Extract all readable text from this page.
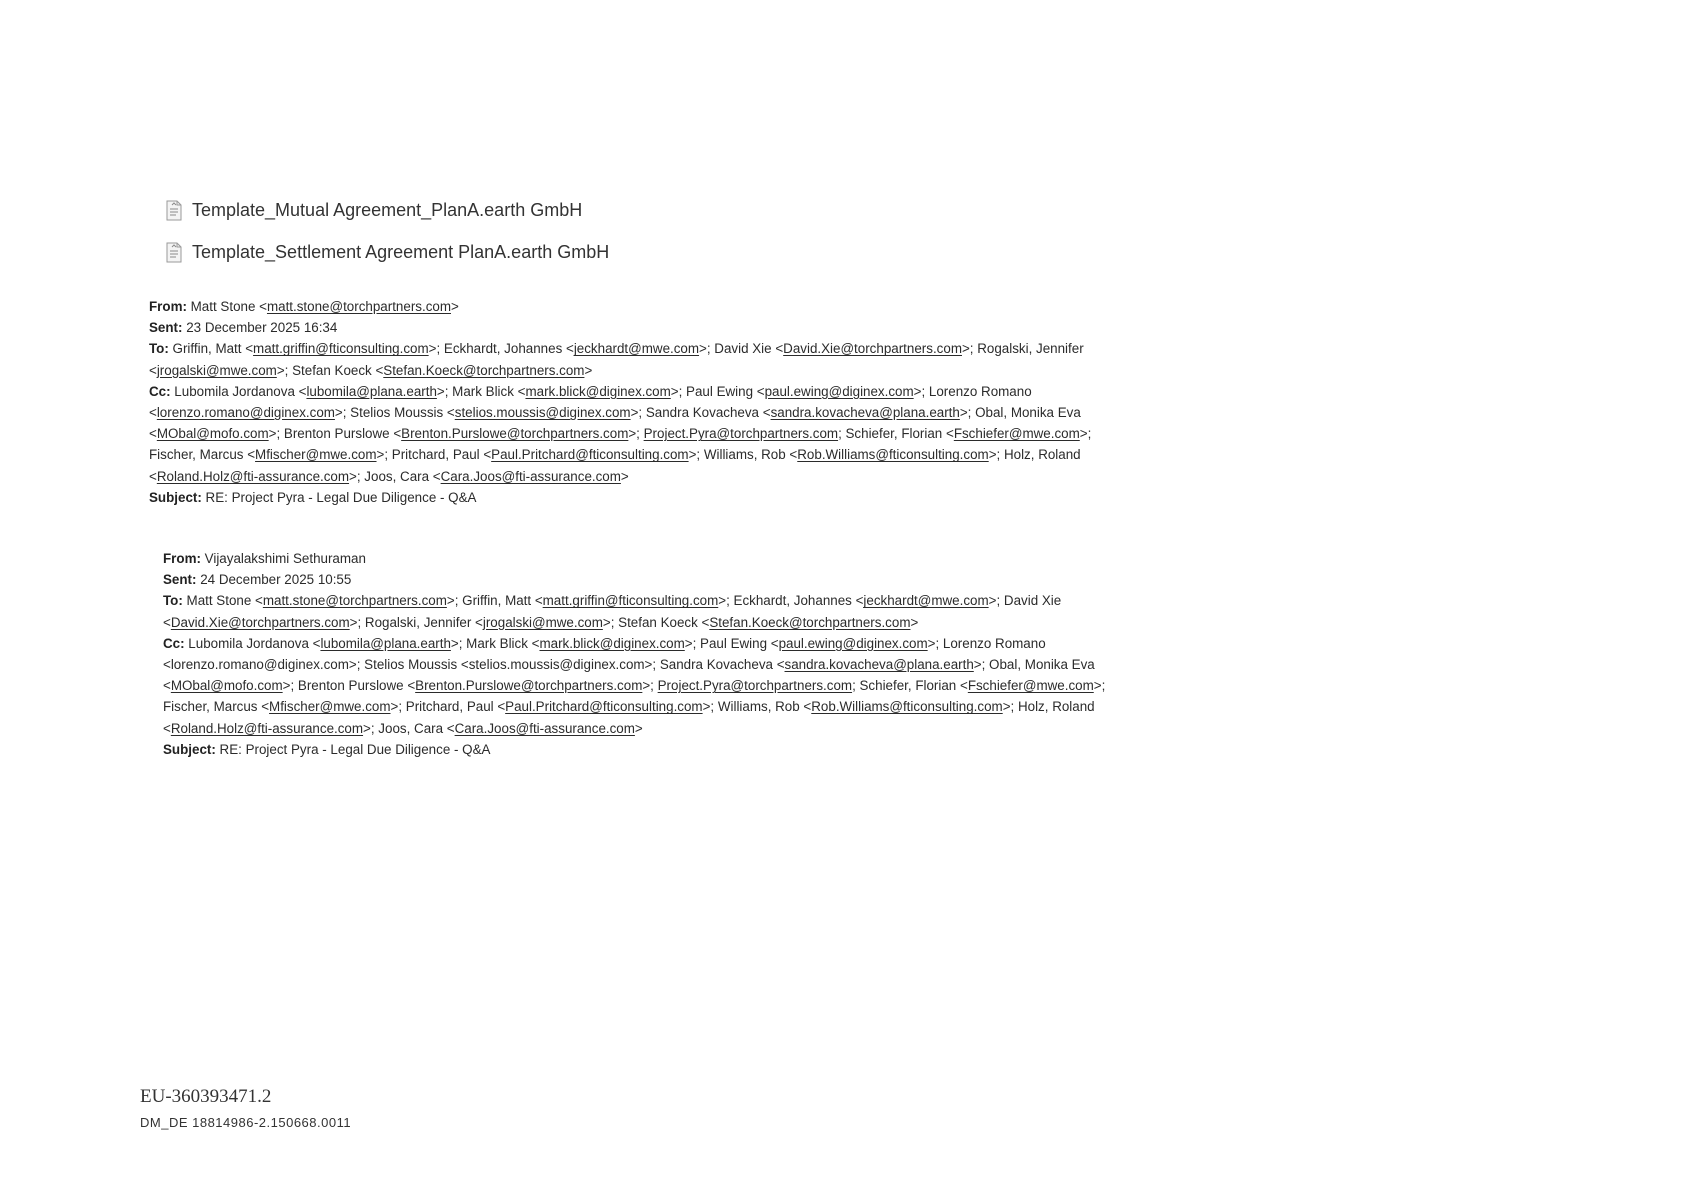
Template_Mutual Agreement_PlanA.earth GmbH
Template_Settlement Agreement PlanA.earth GmbH
From: Matt Stone <matt.stone@torchpartners.com>
Sent: 23 December 2025 16:34
To: Griffin, Matt <matt.griffin@fticonsulting.com>; Eckhardt, Johannes <jeckhardt@mwe.com>; David Xie <David.Xie@torchpartners.com>; Rogalski, Jennifer <jrogalski@mwe.com>; Stefan Koeck <Stefan.Koeck@torchpartners.com>
Cc: Lubomila Jordanova <lubomila@plana.earth>; Mark Blick <mark.blick@diginex.com>; Paul Ewing <paul.ewing@diginex.com>; Lorenzo Romano <lorenzo.romano@diginex.com>; Stelios Moussis <stelios.moussis@diginex.com>; Sandra Kovacheva <sandra.kovacheva@plana.earth>; Obal, Monika Eva <MObal@mofo.com>; Brenton Purslowe <Brenton.Purslowe@torchpartners.com>; Project.Pyra@torchpartners.com; Schiefer, Florian <Fschiefer@mwe.com>; Fischer, Marcus <Mfischer@mwe.com>; Pritchard, Paul <Paul.Pritchard@fticonsulting.com>; Williams, Rob <Rob.Williams@fticonsulting.com>; Holz, Roland <Roland.Holz@fti-assurance.com>; Joos, Cara <Cara.Joos@fti-assurance.com>
Subject: RE: Project Pyra - Legal Due Diligence - Q&A
From: Vijayalakshimi Sethuraman
Sent: 24 December 2025 10:55
To: Matt Stone <matt.stone@torchpartners.com>; Griffin, Matt <matt.griffin@fticonsulting.com>; Eckhardt, Johannes <jeckhardt@mwe.com>; David Xie <David.Xie@torchpartners.com>; Rogalski, Jennifer <jrogalski@mwe.com>; Stefan Koeck <Stefan.Koeck@torchpartners.com>
Cc: Lubomila Jordanova <lubomila@plana.earth>; Mark Blick <mark.blick@diginex.com>; Paul Ewing <paul.ewing@diginex.com>; Lorenzo Romano <lorenzo.romano@diginex.com>; Stelios Moussis <stelios.moussis@diginex.com>; Sandra Kovacheva <sandra.kovacheva@plana.earth>; Obal, Monika Eva <MObal@mofo.com>; Brenton Purslowe <Brenton.Purslowe@torchpartners.com>; Project.Pyra@torchpartners.com; Schiefer, Florian <Fschiefer@mwe.com>; Fischer, Marcus <Mfischer@mwe.com>; Pritchard, Paul <Paul.Pritchard@fticonsulting.com>; Williams, Rob <Rob.Williams@fticonsulting.com>; Holz, Roland <Roland.Holz@fti-assurance.com>; Joos, Cara <Cara.Joos@fti-assurance.com>
Subject: RE: Project Pyra - Legal Due Diligence - Q&A
EU-360393471.2
DM_DE 18814986-2.150668.0011
